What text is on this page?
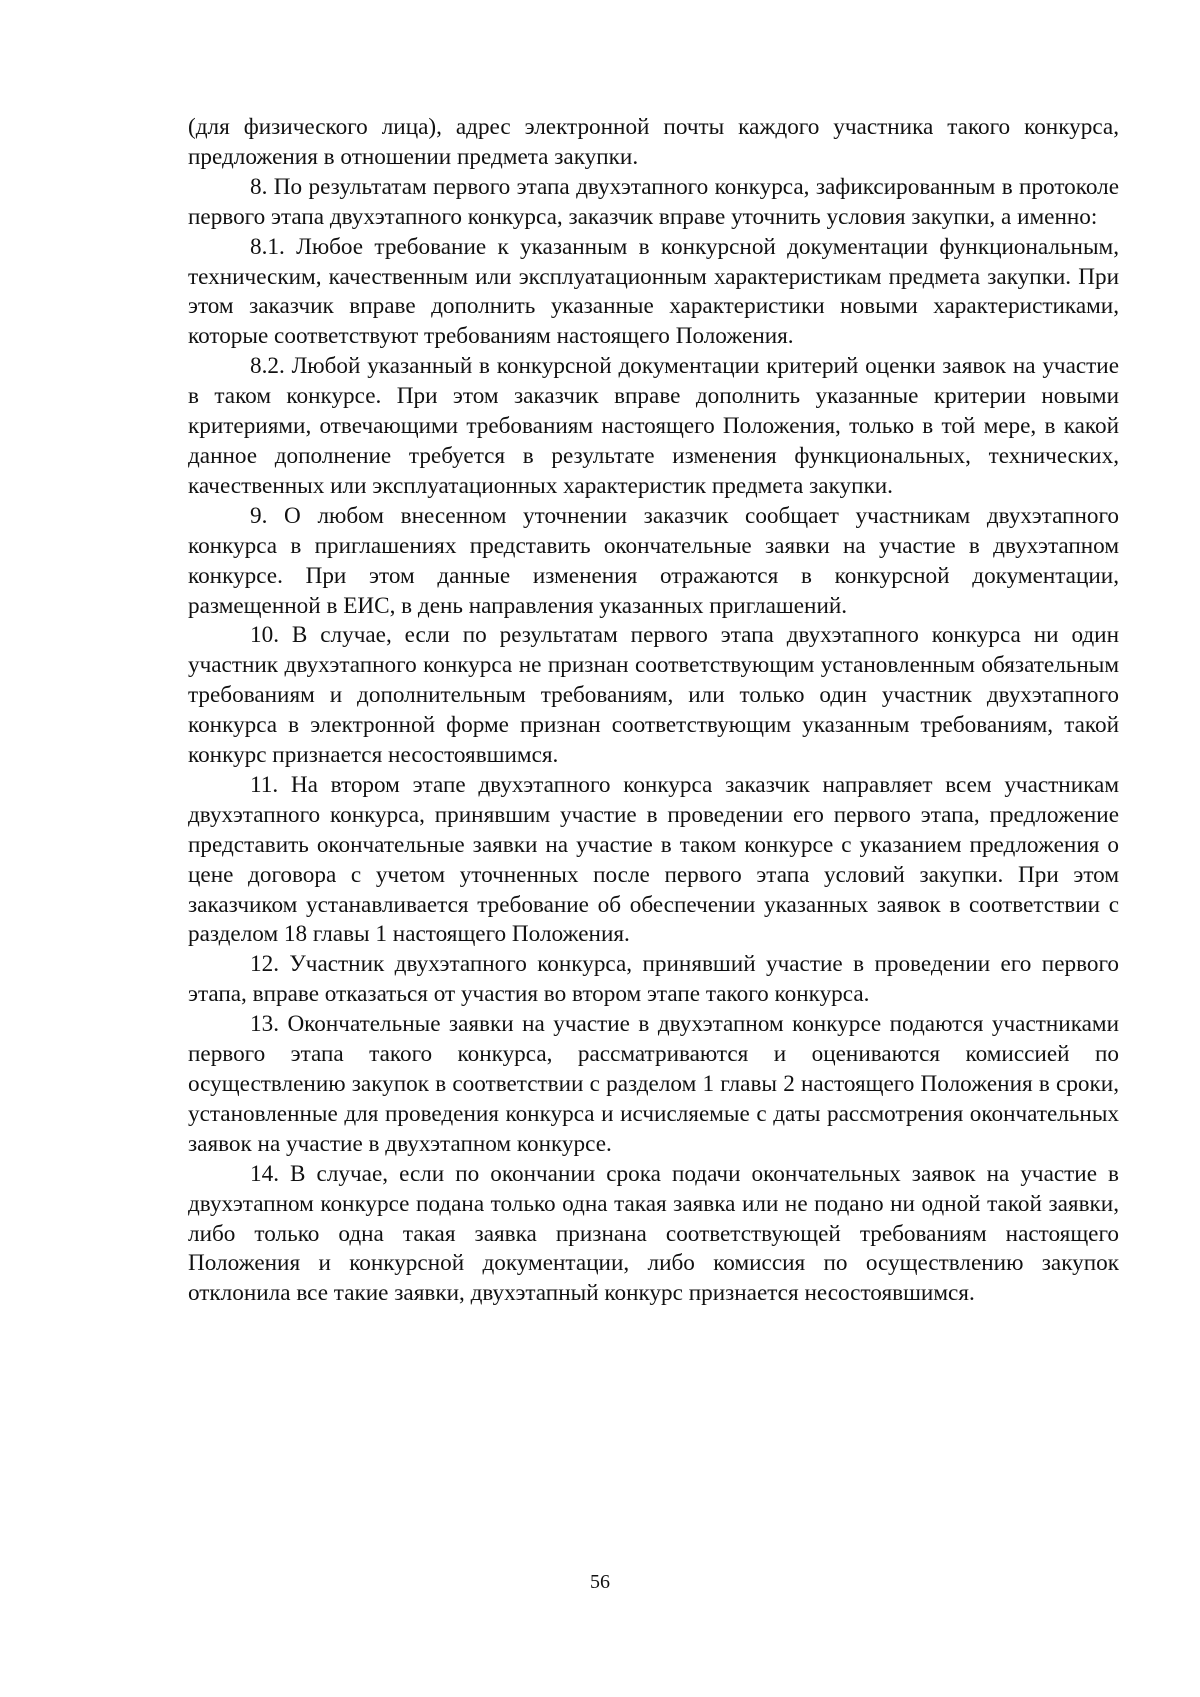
(для физического лица), адрес электронной почты каждого участника такого конкурса, предложения в отношении предмета закупки.

8. По результатам первого этапа двухэтапного конкурса, зафиксированным в протоколе первого этапа двухэтапного конкурса, заказчик вправе уточнить условия закупки, а именно:

8.1. Любое требование к указанным в конкурсной документации функциональным, техническим, качественным или эксплуатационным характеристикам предмета закупки. При этом заказчик вправе дополнить указанные характеристики новыми характеристиками, которые соответствуют требованиям настоящего Положения.

8.2. Любой указанный в конкурсной документации критерий оценки заявок на участие в таком конкурсе. При этом заказчик вправе дополнить указанные критерии новыми критериями, отвечающими требованиям настоящего Положения, только в той мере, в какой данное дополнение требуется в результате изменения функциональных, технических, качественных или эксплуатационных характеристик предмета закупки.

9. О любом внесенном уточнении заказчик сообщает участникам двухэтапного конкурса в приглашениях представить окончательные заявки на участие в двухэтапном конкурсе. При этом данные изменения отражаются в конкурсной документации, размещенной в ЕИС, в день направления указанных приглашений.

10. В случае, если по результатам первого этапа двухэтапного конкурса ни один участник двухэтапного конкурса не признан соответствующим установленным обязательным требованиям и дополнительным требованиям, или только один участник двухэтапного конкурса в электронной форме признан соответствующим указанным требованиям, такой конкурс признается несостоявшимся.

11. На втором этапе двухэтапного конкурса заказчик направляет всем участникам двухэтапного конкурса, принявшим участие в проведении его первого этапа, предложение представить окончательные заявки на участие в таком конкурсе с указанием предложения о цене договора с учетом уточненных после первого этапа условий закупки. При этом заказчиком устанавливается требование об обеспечении указанных заявок в соответствии с разделом 18 главы 1 настоящего Положения.

12. Участник двухэтапного конкурса, принявший участие в проведении его первого этапа, вправе отказаться от участия во втором этапе такого конкурса.

13. Окончательные заявки на участие в двухэтапном конкурсе подаются участниками первого этапа такого конкурса, рассматриваются и оцениваются комиссией по осуществлению закупок в соответствии с разделом 1 главы 2 настоящего Положения в сроки, установленные для проведения конкурса и исчисляемые с даты рассмотрения окончательных заявок на участие в двухэтапном конкурсе.

14. В случае, если по окончании срока подачи окончательных заявок на участие в двухэтапном конкурсе подана только одна такая заявка или не подано ни одной такой заявки, либо только одна такая заявка признана соответствующей требованиям настоящего Положения и конкурсной документации, либо комиссия по осуществлению закупок отклонила все такие заявки, двухэтапный конкурс признается несостоявшимся.

56
